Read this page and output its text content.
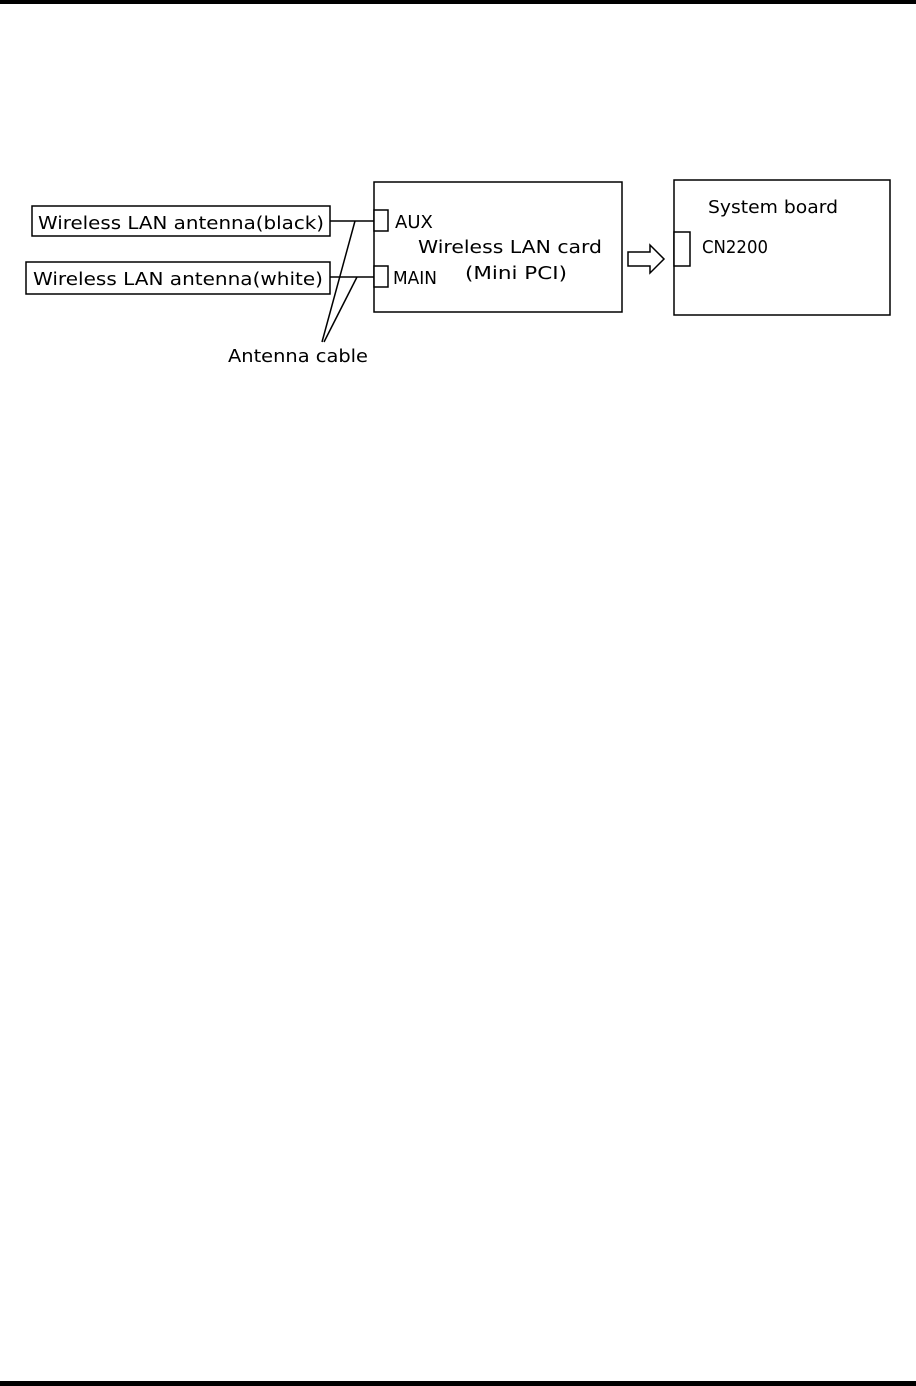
Wireless LAN antenna(black)
Wireless LAN antenna(white)
Antenna cable
AUX
MAIN
Wireless LAN card
(Mini PCI)
System board
CN2200
